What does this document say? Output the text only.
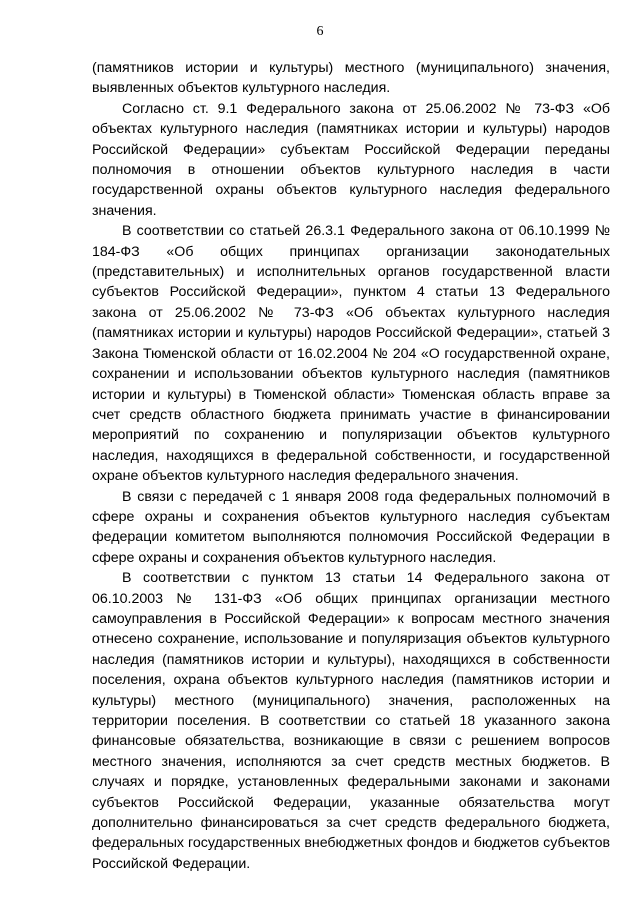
6

(памятников истории и культуры) местного (муниципального) значения, выявленных объектов культурного наследия.

Согласно ст. 9.1 Федерального закона от 25.06.2002 № 73-ФЗ «Об объектах культурного наследия (памятниках истории и культуры) народов Российской Федерации» субъектам Российской Федерации переданы полномочия в отношении объектов культурного наследия в части государственной охраны объектов культурного наследия федерального значения.

В соответствии со статьей 26.3.1 Федерального закона от 06.10.1999 № 184-ФЗ «Об общих принципах организации законодательных (представительных) и исполнительных органов государственной власти субъектов Российской Федерации», пунктом 4 статьи 13 Федерального закона от 25.06.2002 № 73-ФЗ «Об объектах культурного наследия (памятниках истории и культуры) народов Российской Федерации», статьей 3 Закона Тюменской области от 16.02.2004 № 204 «О государственной охране, сохранении и использовании объектов культурного наследия (памятников истории и культуры) в Тюменской области» Тюменская область вправе за счет средств областного бюджета принимать участие в финансировании мероприятий по сохранению и популяризации объектов культурного наследия, находящихся в федеральной собственности, и государственной охране объектов культурного наследия федерального значения.

В связи с передачей с 1 января 2008 года федеральных полномочий в сфере охраны и сохранения объектов культурного наследия субъектам федерации комитетом выполняются полномочия Российской Федерации в сфере охраны и сохранения объектов культурного наследия.

В соответствии с пунктом 13 статьи 14 Федерального закона от 06.10.2003 № 131-ФЗ «Об общих принципах организации местного самоуправления в Российской Федерации» к вопросам местного значения отнесено сохранение, использование и популяризация объектов культурного наследия (памятников истории и культуры), находящихся в собственности поселения, охрана объектов культурного наследия (памятников истории и культуры) местного (муниципального) значения, расположенных на территории поселения. В соответствии со статьей 18 указанного закона финансовые обязательства, возникающие в связи с решением вопросов местного значения, исполняются за счет средств местных бюджетов. В случаях и порядке, установленных федеральными законами и законами субъектов Российской Федерации, указанные обязательства могут дополнительно финансироваться за счет средств федерального бюджета, федеральных государственных внебюджетных фондов и бюджетов субъектов Российской Федерации.
